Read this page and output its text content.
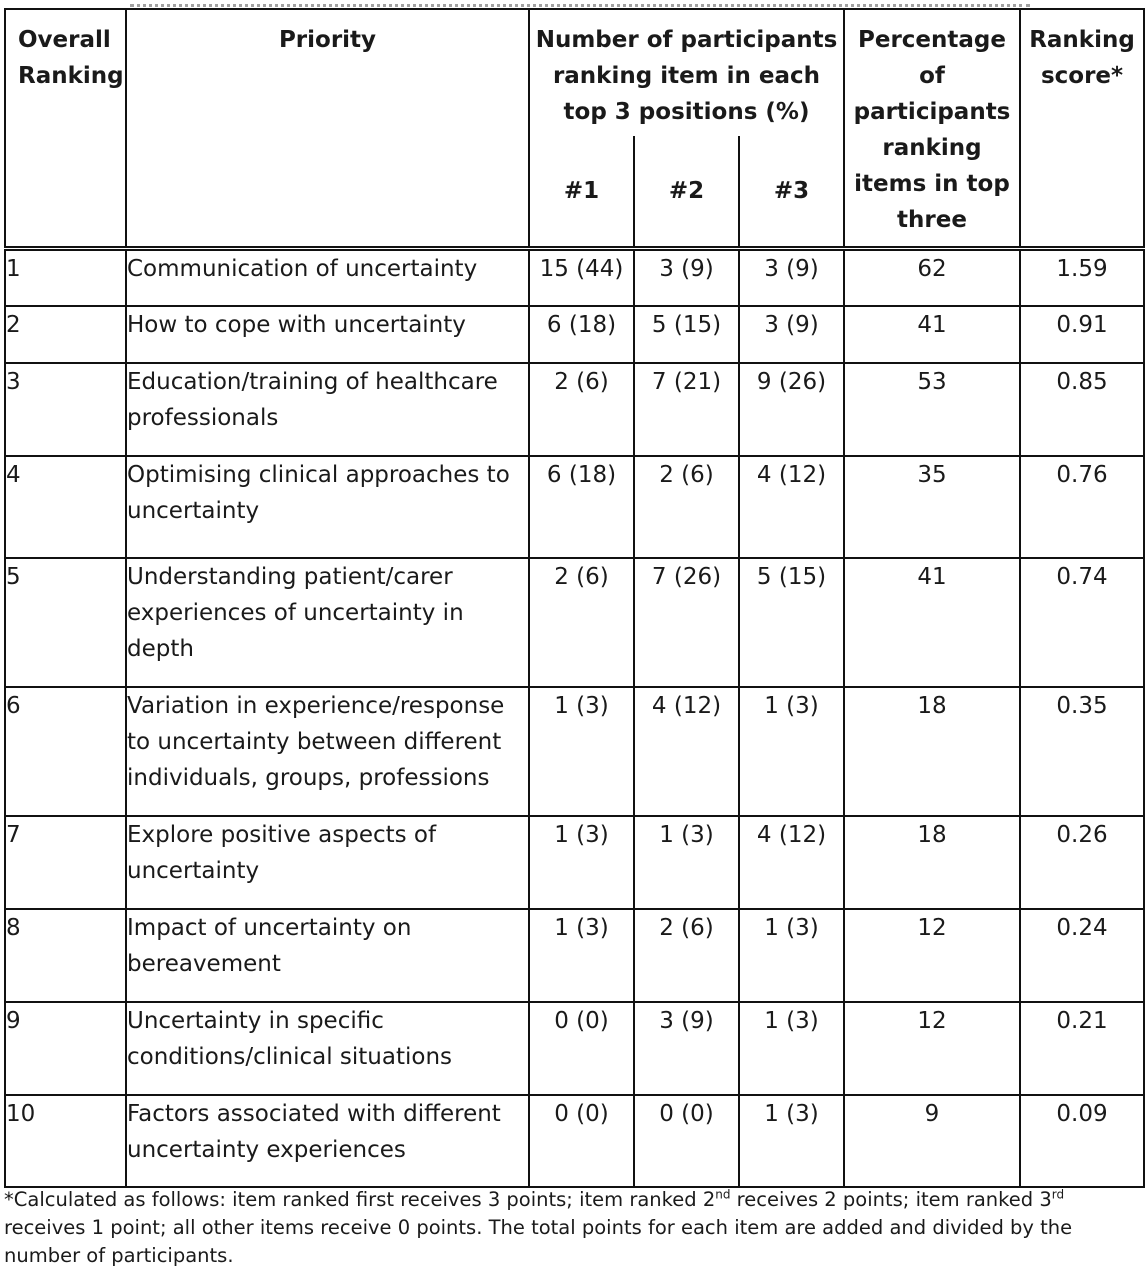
Overall Ranking	Priority	Number of participants ranking item in each top 3 positions (%)			Percentage of participants ranking items in top three	Ranking score*
		#1	#2	#3		
1	Communication of uncertainty	15 (44)	3 (9)	3 (9)	62	1.59
2	How to cope with uncertainty	6 (18)	5 (15)	3 (9)	41	0.91
3	Education/training of healthcare professionals	2 (6)	7 (21)	9 (26)	53	0.85
4	Optimising clinical approaches to uncertainty	6 (18)	2 (6)	4 (12)	35	0.76
5	Understanding patient/carer experiences of uncertainty in depth	2 (6)	7 (26)	5 (15)	41	0.74
6	Variation in experience/response to uncertainty between different individuals, groups, professions	1 (3)	4 (12)	1 (3)	18	0.35
7	Explore positive aspects of uncertainty	1 (3)	1 (3)	4 (12)	18	0.26
8	Impact of uncertainty on bereavement	1 (3)	2 (6)	1 (3)	12	0.24
9	Uncertainty in specific conditions/clinical situations	0 (0)	3 (9)	1 (3)	12	0.21
10	Factors associated with different uncertainty experiences	0 (0)	0 (0)	1 (3)	9	0.09
*Calculated as follows: item ranked first receives 3 points; item ranked 2nd receives 2 points; item ranked 3rd receives 1 point; all other items receive 0 points. The total points for each item are added and divided by the number of participants.
